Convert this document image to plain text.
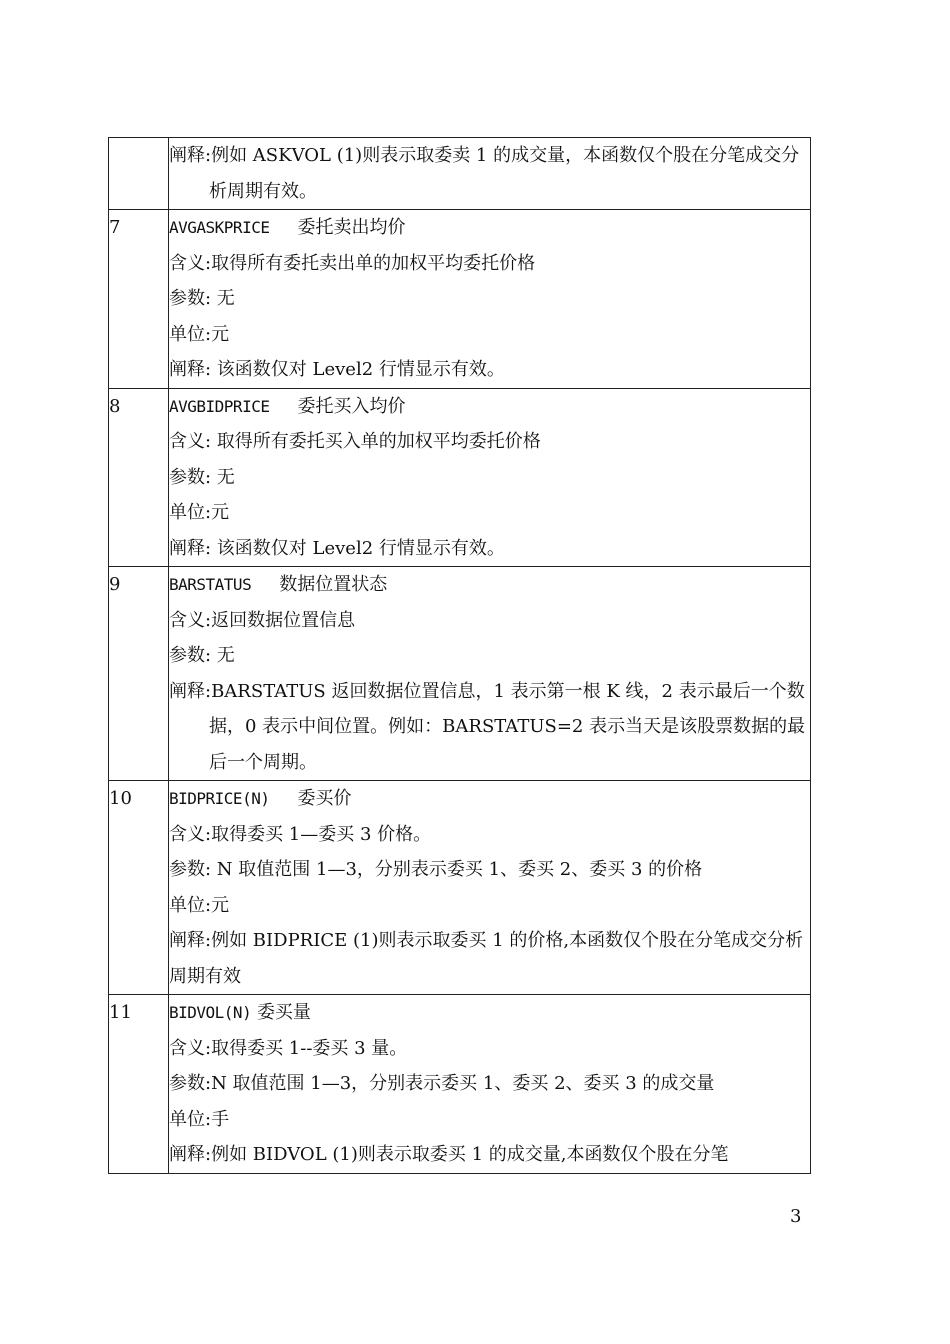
	阐释:例如 ASKVOL (1)则表示取委卖 1 的成交量，本函数仅个股在分笔成交分析周期有效。

7	AVGASKPRICE 委托卖出均价
含义:取得所有委托卖出单的加权平均委托价格
参数: 无
单位:元
阐释: 该函数仅对 Level2 行情显示有效。

8	AVGBIDPRICE 委托买入均价
含义: 取得所有委托买入单的加权平均委托价格
参数: 无
单位:元
阐释: 该函数仅对 Level2 行情显示有效。

9	BARSTATUS 数据位置状态
含义:返回数据位置信息
参数: 无
阐释:BARSTATUS 返回数据位置信息，1 表示第一根 K 线，2 表示最后一个数据，0 表示中间位置。例如：BARSTATUS=2 表示当天是该股票数据的最后一个周期。

10	BIDPRICE(N) 委买价
含义:取得委买 1—委买 3 价格。
参数: N 取值范围 1—3，分别表示委买 1、委买 2、委买 3 的价格
单位:元
阐释:例如 BIDPRICE (1)则表示取委买 1 的价格,本函数仅个股在分笔成交分析周期有效

11	BIDVOL(N) 委买量
含义:取得委买 1--委买 3 量。
参数:N 取值范围 1—3，分别表示委买 1、委买 2、委买 3 的成交量
单位:手
阐释:例如 BIDVOL (1)则表示取委买 1 的成交量,本函数仅个股在分笔
3
